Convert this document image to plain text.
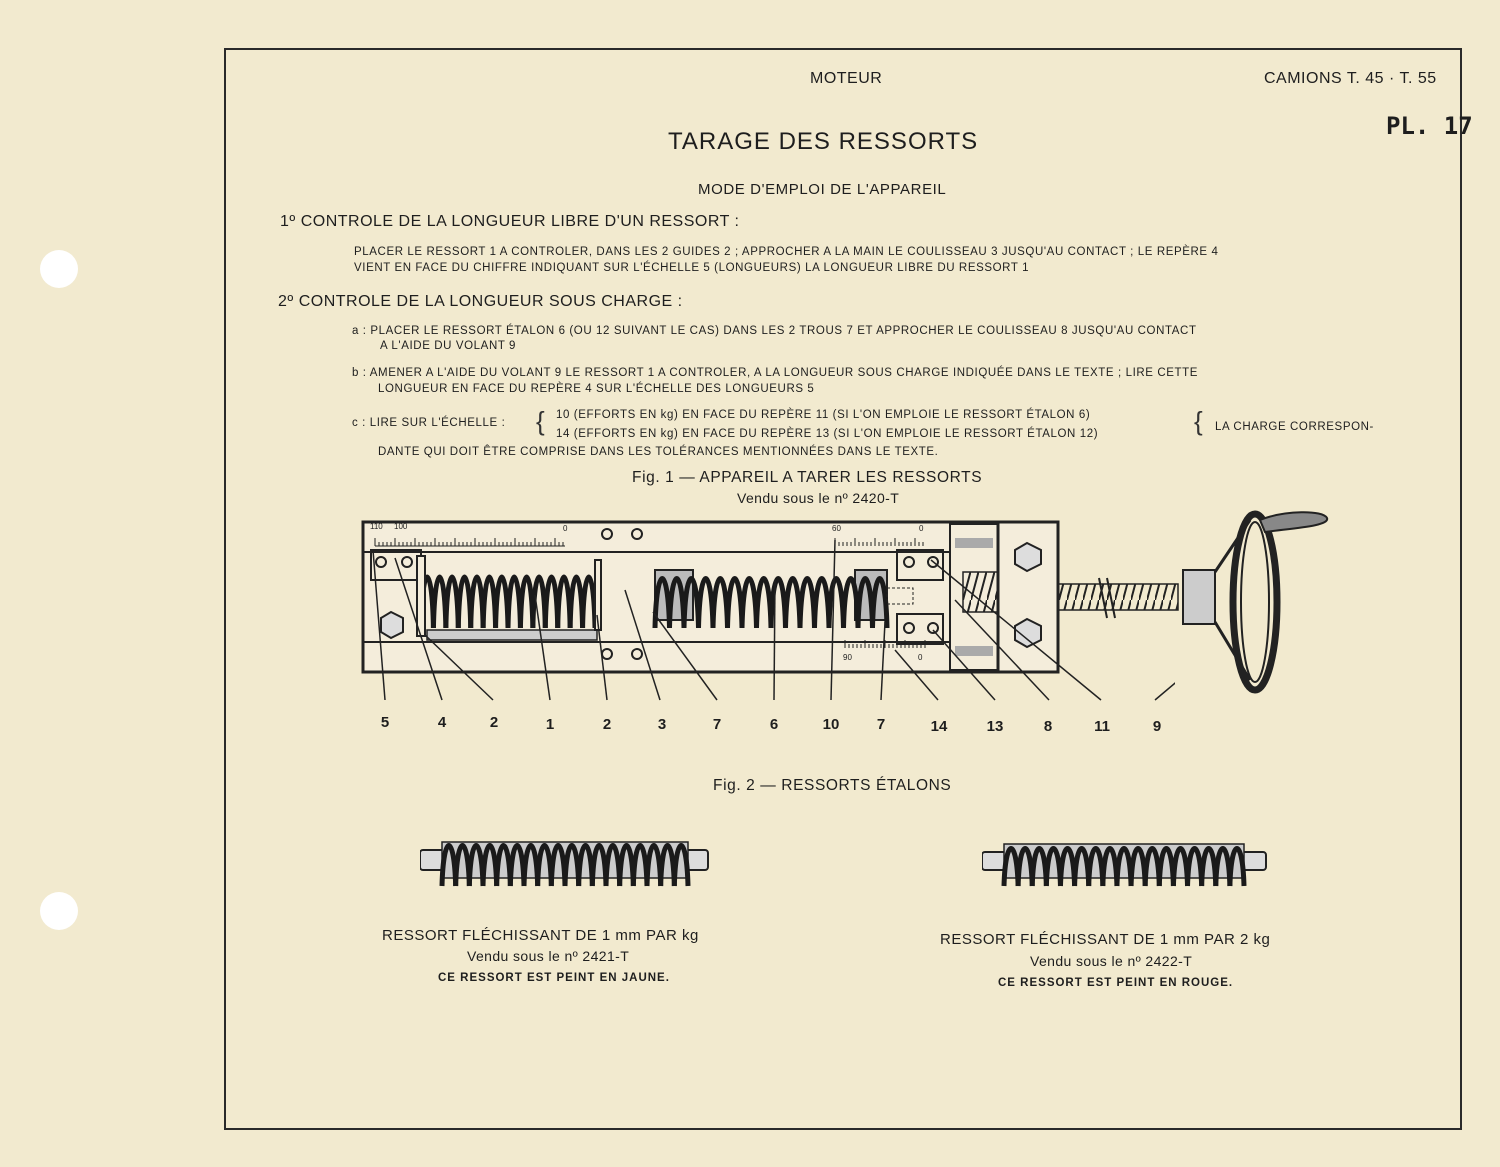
MOTEUR	CAMIONS T. 45 · T. 55
PL. 17
TARAGE DES RESSORTS
MODE D'EMPLOI DE L'APPAREIL
1º CONTROLE DE LA LONGUEUR LIBRE D'UN RESSORT :
PLACER LE RESSORT 1 A CONTROLER, DANS LES 2 GUIDES 2 ; APPROCHER A LA MAIN LE COULISSEAU 3 JUSQU'AU CONTACT ; LE REPÈRE 4
VIENT EN FACE DU CHIFFRE INDIQUANT SUR L'ÉCHELLE 5 (LONGUEURS) LA LONGUEUR LIBRE DU RESSORT 1
2º CONTROLE DE LA LONGUEUR SOUS CHARGE :
a : PLACER LE RESSORT ÉTALON 6 (OU 12 SUIVANT LE CAS) DANS LES 2 TROUS 7 ET APPROCHER LE COULISSEAU 8 JUSQU'AU CONTACT
A L'AIDE DU VOLANT 9
b : AMENER A L'AIDE DU VOLANT 9 LE RESSORT 1 A CONTROLER, A LA LONGUEUR SOUS CHARGE INDIQUÉE DANS LE TEXTE ; LIRE CETTE
LONGUEUR EN FACE DU REPÈRE 4 SUR L'ÉCHELLE DES LONGUEURS 5
c : LIRE SUR L'ÉCHELLE : { 10 (EFFORTS EN kg) EN FACE DU REPÈRE 11 (SI L'ON EMPLOIE LE RESSORT ÉTALON 6)
14 (EFFORTS EN kg) EN FACE DU REPÈRE 13 (SI L'ON EMPLOIE LE RESSORT ÉTALON 12)	{ LA CHARGE CORRESPON-
DANTE QUI DOIT ÊTRE COMPRISE DANS LES TOLÉRANCES MENTIONNÉES DANS LE TEXTE.
Fig. 1 — APPAREIL A TARER LES RESSORTS
Vendu sous le nº 2420-T
110 100	0	60	0
90	0
5	4	2	1	2	3	7	6	10	7	14	13	8	11	9
Fig. 2 — RESSORTS ÉTALONS
RESSORT FLÉCHISSANT DE 1 mm PAR kg
Vendu sous le nº 2421-T
CE RESSORT EST PEINT EN JAUNE.
RESSORT FLÉCHISSANT DE 1 mm PAR 2 kg
Vendu sous le nº 2422-T
CE RESSORT EST PEINT EN ROUGE.
